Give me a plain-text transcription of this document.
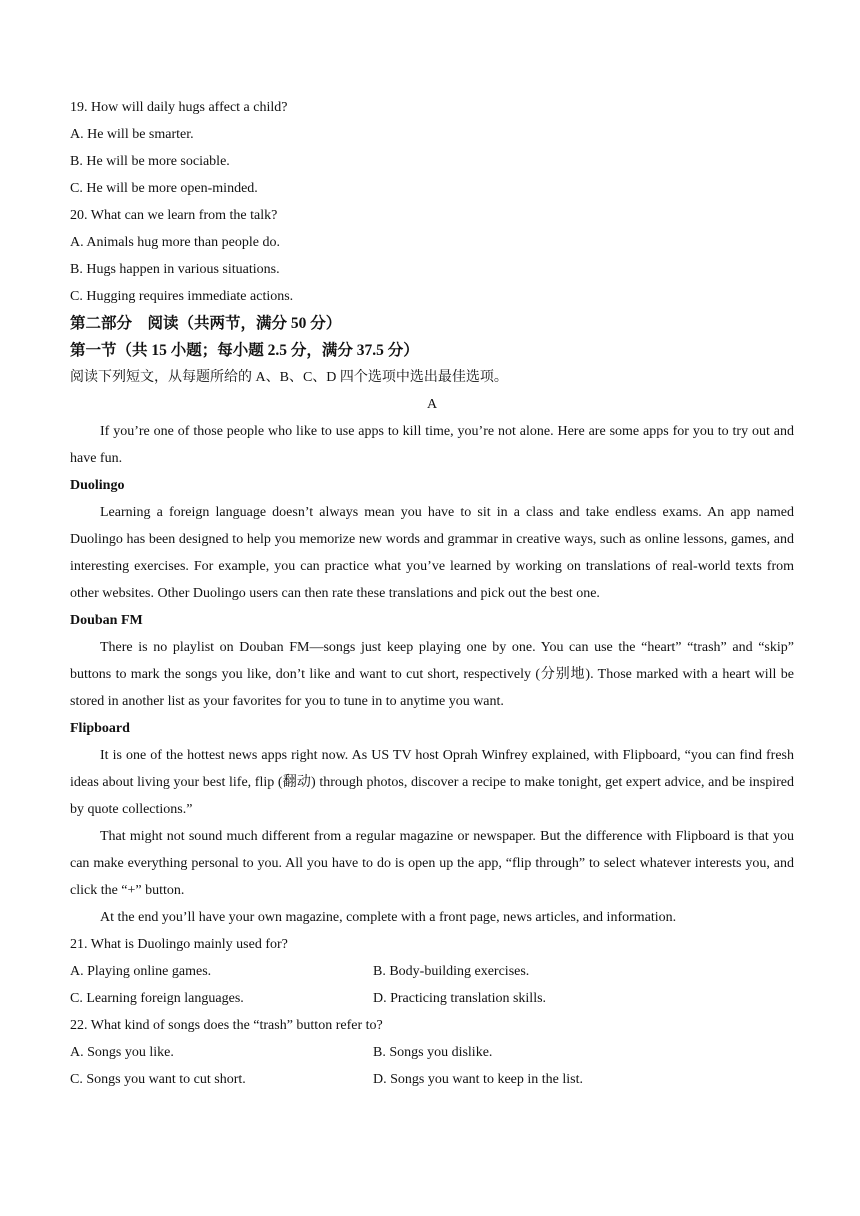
19. How will daily hugs affect a child?
A. He will be smarter.
B. He will be more sociable.
C. He will be more open-minded.
20. What can we learn from the talk?
A. Animals hug more than people do.
B. Hugs happen in various situations.
C. Hugging requires immediate actions.
第二部分　阅读（共两节，满分 50 分）
第一节（共 15 小题；每小题 2.5 分，满分 37.5 分）
阅读下列短文，从每题所给的 A、B、C、D 四个选项中选出最佳选项。
A

If you’re one of those people who like to use apps to kill time, you’re not alone. Here are some apps for you to try out and have fun.

Duolingo

Learning a foreign language doesn’t always mean you have to sit in a class and take endless exams. An app named Duolingo has been designed to help you memorize new words and grammar in creative ways, such as online lessons, games, and interesting exercises. For example, you can practice what you’ve learned by working on translations of real-world texts from other websites. Other Duolingo users can then rate these translations and pick out the best one.

Douban FM

There is no playlist on Douban FM—songs just keep playing one by one. You can use the “heart” “trash” and “skip” buttons to mark the songs you like, don’t like and want to cut short, respectively (分别地). Those marked with a heart will be stored in another list as your favorites for you to tune in to anytime you want.

Flipboard

It is one of the hottest news apps right now. As US TV host Oprah Winfrey explained, with Flipboard, “you can find fresh ideas about living your best life, flip (翻动) through photos, discover a recipe to make tonight, get expert advice, and be inspired by quote collections.”

That might not sound much different from a regular magazine or newspaper. But the difference with Flipboard is that you can make everything personal to you. All you have to do is open up the app, “flip through” to select whatever interests you, and click the “+” button.

At the end you’ll have your own magazine, complete with a front page, news articles, and information.

21. What is Duolingo mainly used for?
A. Playing online games.	B. Body-building exercises.
C. Learning foreign languages.	D. Practicing translation skills.
22. What kind of songs does the “trash” button refer to?
A. Songs you like.	B. Songs you dislike.
C. Songs you want to cut short.	D. Songs you want to keep in the list.
